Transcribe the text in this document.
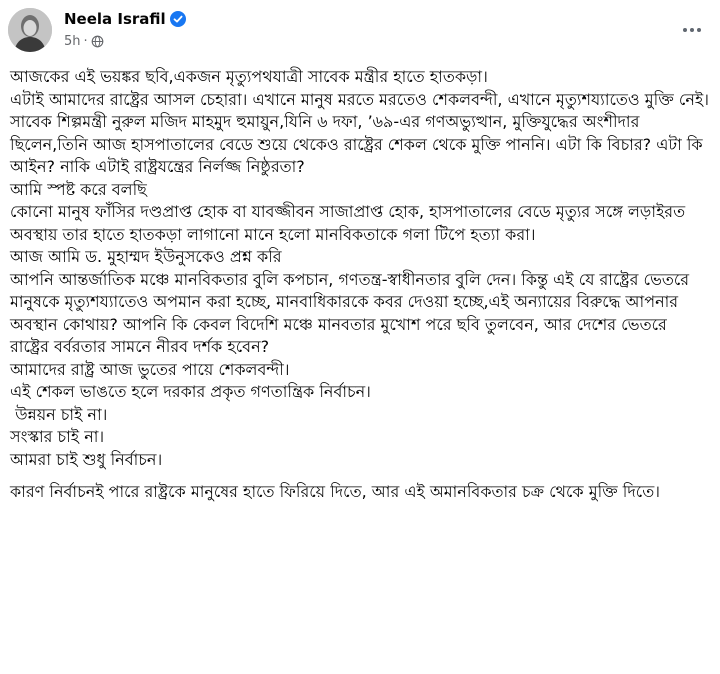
Neela Israfil
5h ·

আজকের এই ভয়ঙ্কর ছবি,একজন মৃত্যুপথযাত্রী সাবেক মন্ত্রীর হাতে হাতকড়া।
এটাই আমাদের রাষ্ট্রের আসল চেহারা। এখানে মানুষ মরতে মরতেও শেকলবন্দী, এখানে মৃত্যুশয্যাতেও মুক্তি নেই।
সাবেক শিল্পমন্ত্রী নুরুল মজিদ মাহমুদ হুমায়ুন,যিনি ৬ দফা, ’৬৯-এর গণঅভ্যুত্থান, মুক্তিযুদ্ধের অংশীদার ছিলেন,তিনি আজ হাসপাতালের বেডে শুয়ে থেকেও রাষ্ট্রের শেকল থেকে মুক্তি পাননি। এটা কি বিচার? এটা কি আইন? নাকি এটাই রাষ্ট্রযন্ত্রের নির্লজ্জ নিষ্ঠুরতা?
আমি স্পষ্ট করে বলছি
কোনো মানুষ ফাঁসির দণ্ডপ্রাপ্ত হোক বা যাবজ্জীবন সাজাপ্রাপ্ত হোক, হাসপাতালের বেডে মৃত্যুর সঙ্গে লড়াইরত অবস্থায় তার হাতে হাতকড়া লাগানো মানে হলো মানবিকতাকে গলা টিপে হত্যা করা।
আজ আমি ড. মুহাম্মদ ইউনুসকেও প্রশ্ন করি
আপনি আন্তর্জাতিক মঞ্চে মানবিকতার বুলি কপচান, গণতন্ত্র-স্বাধীনতার বুলি দেন। কিন্তু এই যে রাষ্ট্রের ভেতরে মানুষকে মৃত্যুশয্যাতেও অপমান করা হচ্ছে, মানবাধিকারকে কবর দেওয়া হচ্ছে,এই অন্যায়ের বিরুদ্ধে আপনার অবস্থান কোথায়? আপনি কি কেবল বিদেশি মঞ্চে মানবতার মুখোশ পরে ছবি তুলবেন, আর দেশের ভেতরে রাষ্ট্রের বর্বরতার সামনে নীরব দর্শক হবেন?
আমাদের রাষ্ট্র আজ ভুতের পায়ে শেকলবন্দী।
এই শেকল ভাঙতে হলে দরকার প্রকৃত গণতান্ত্রিক নির্বাচন।
উন্নয়ন চাই না।
সংস্কার চাই না।
আমরা চাই শুধু নির্বাচন।

কারণ নির্বাচনই পারে রাষ্ট্রকে মানুষের হাতে ফিরিয়ে দিতে, আর এই অমানবিকতার চক্র থেকে মুক্তি দিতে।
